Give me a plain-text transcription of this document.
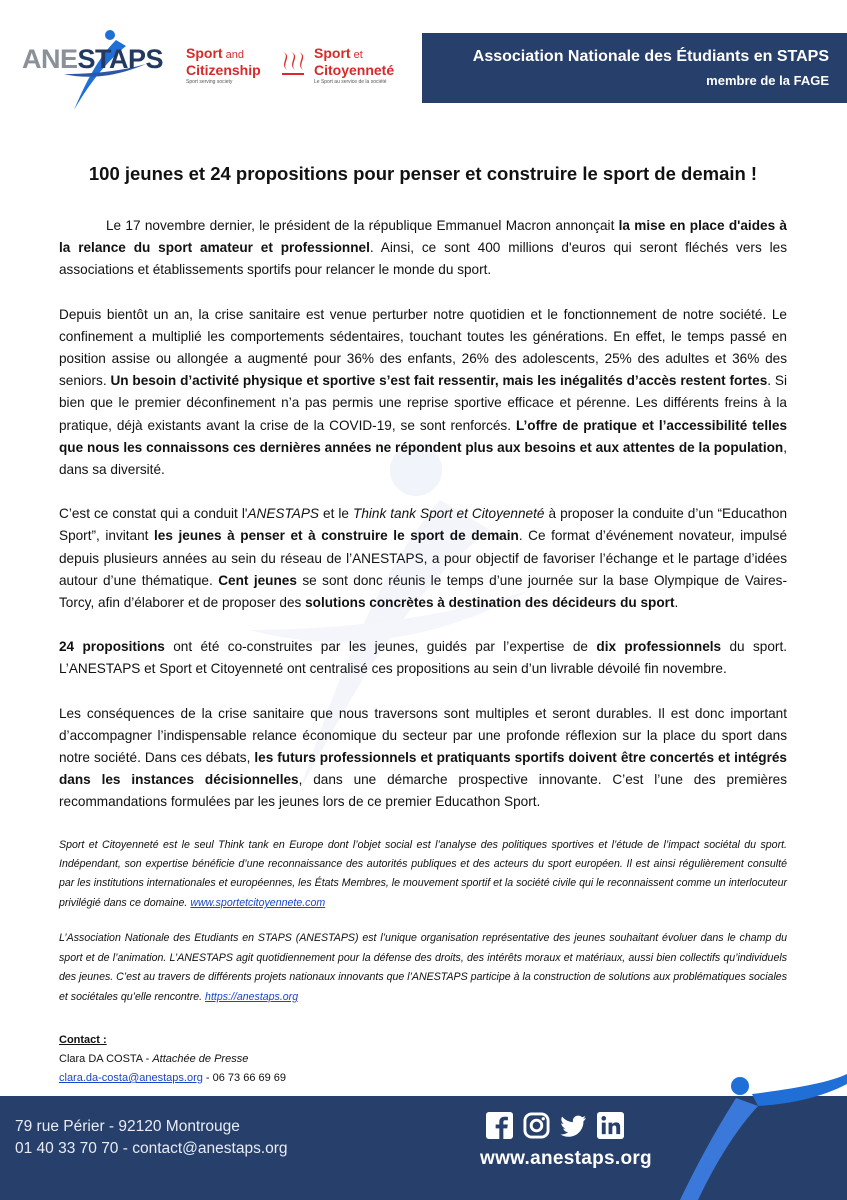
ANESTAPS Sport and
Citizenship
Sport serving society
Sport et
Citoyenneté
Le Sport au service de la société
Association Nationale des Étudiants en STAPS
membre de la FAGE
100 jeunes et 24 propositions pour penser et construire le sport de demain !

Le 17 novembre dernier, le président de la république Emmanuel Macron annonçait la mise en place d'aides à la relance du sport amateur et professionnel. Ainsi, ce sont 400 millions d'euros qui seront fléchés vers les associations et établissements sportifs pour relancer le monde du sport.

Depuis bientôt un an, la crise sanitaire est venue perturber notre quotidien et le fonctionnement de notre société. Le confinement a multiplié les comportements sédentaires, touchant toutes les générations. En effet, le temps passé en position assise ou allongée a augmenté pour 36% des enfants, 26% des adolescents, 25% des adultes et 36% des seniors. Un besoin d’activité physique et sportive s’est fait ressentir, mais les inégalités d’accès restent fortes. Si bien que le premier déconfinement n’a pas permis une reprise sportive efficace et pérenne. Les différents freins à la pratique, déjà existants avant la crise de la COVID-19, se sont renforcés. L’offre de pratique et l’accessibilité telles que nous les connaissons ces dernières années ne répondent plus aux besoins et aux attentes de la population, dans sa diversité.

C’est ce constat qui a conduit l'ANESTAPS et le Think tank Sport et Citoyenneté à proposer la conduite d’un “Educathon Sport”, invitant les jeunes à penser et à construire le sport de demain. Ce format d’événement novateur, impulsé depuis plusieurs années au sein du réseau de l’ANESTAPS, a pour objectif de favoriser l’échange et le partage d’idées autour d’une thématique. Cent jeunes se sont donc réunis le temps d’une journée sur la base Olympique de Vaires-Torcy, afin d’élaborer et de proposer des solutions concrètes à destination des décideurs du sport.

24 propositions ont été co-construites par les jeunes, guidés par l’expertise de dix professionnels du sport. L’ANESTAPS et Sport et Citoyenneté ont centralisé ces propositions au sein d’un livrable dévoilé fin novembre.

Les conséquences de la crise sanitaire que nous traversons sont multiples et seront durables. Il est donc important d’accompagner l’indispensable relance économique du secteur par une profonde réflexion sur la place du sport dans notre société. Dans ces débats, les futurs professionnels et pratiquants sportifs doivent être concertés et intégrés dans les instances décisionnelles, dans une démarche prospective innovante. C’est l’une des premières recommandations formulées par les jeunes lors de ce premier Educathon Sport.

Sport et Citoyenneté est le seul Think tank en Europe dont l’objet social est l’analyse des politiques sportives et l’étude de l’impact sociétal du sport. Indépendant, son expertise bénéficie d’une reconnaissance des autorités publiques et des acteurs du sport européen. Il est ainsi régulièrement consulté par les institutions internationales et européennes, les États Membres, le mouvement sportif et la société civile qui le reconnaissent comme un interlocuteur privilégié dans ce domaine. www.sportetcitoyennete.com

L’Association Nationale des Etudiants en STAPS (ANESTAPS) est l’unique organisation représentative des jeunes souhaitant évoluer dans le champ du sport et de l’animation. L’ANESTAPS agit quotidiennement pour la défense des droits, des intérêts moraux et matériaux, aussi bien collectifs qu’individuels des jeunes. C’est au travers de différents projets nationaux innovants que l’ANESTAPS participe à la construction de solutions aux problématiques sociales et sociétales qu’elle rencontre. https://anestaps.org

Contact :
Clara DA COSTA - Attachée de Presse
clara.da-costa@anestaps.org - 06 73 66 69 69
79 rue Périer - 92120 Montrouge
01 40 33 70 70 - contact@anestaps.org	www.anestaps.org
